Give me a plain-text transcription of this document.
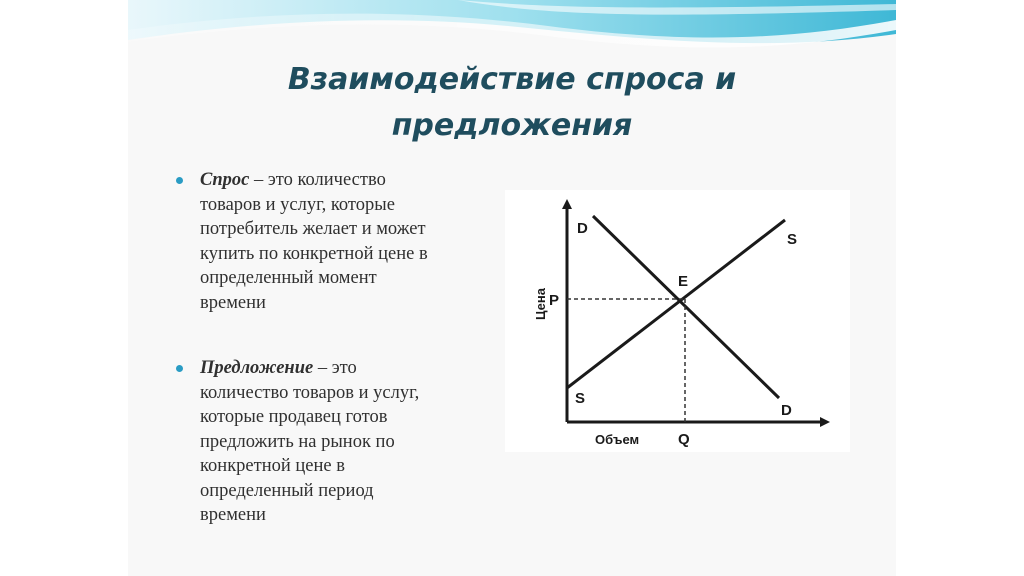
Взаимодействие спроса и
предложения
Спрос – это количество
товаров и услуг, которые
потребитель желает и может
купить по конкретной цене в
определенный момент
времени
Предложение – это
количество товаров и услуг,
которые продавец готов
предложить на рынок по
конкретной цене в
определенный период
времени
D
S
E
P
S
D
Q
Объем
Цена
